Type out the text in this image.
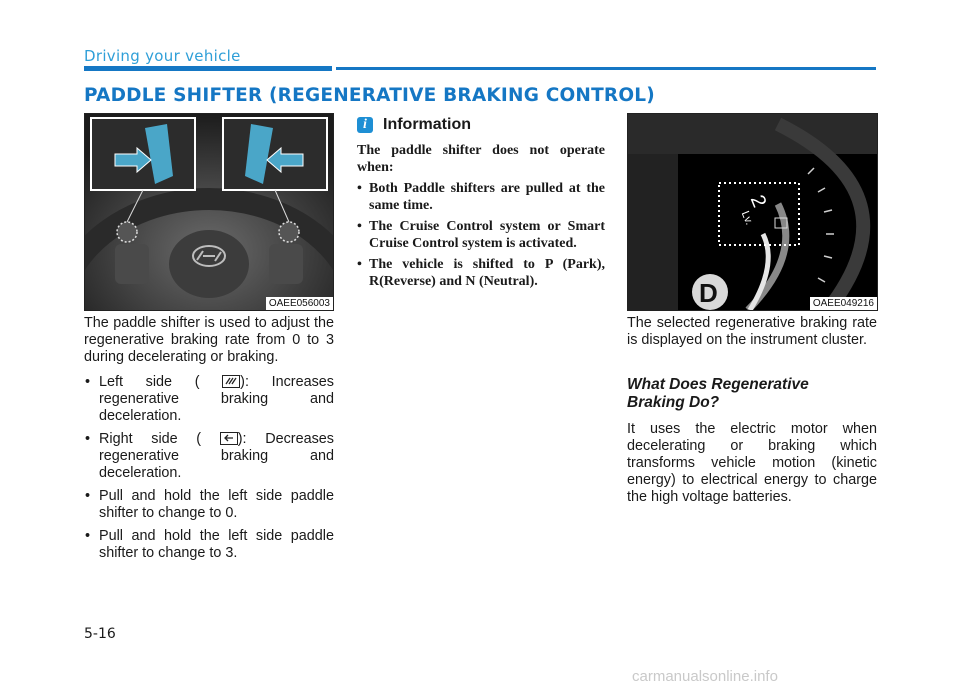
Driving your vehicle
PADDLE SHIFTER (REGENERATIVE BRAKING CONTROL)
OAEE056003

The paddle shifter is used to adjust the regenerative braking rate from 0 to 3 during decelerating or braking.

• Left side (	): Increases regenerative braking and deceleration.
• Right side (	): Decreases regenerative braking and deceleration.
• Pull and hold the left side paddle shifter to change to 0.
• Pull and hold the left side paddle shifter to change to 3.
i	Information

The paddle shifter does not operate when:

• Both Paddle shifters are pulled at the same time.
• The Cruise Control system or Smart Cruise Control system is activated.
• The vehicle is shifted to P (Park), R(Reverse) and N (Neutral).	D
Lv.
2
OAEE049216

The selected regenerative braking rate is displayed on the instrument cluster.

What Does Regenerative Braking Do?

It uses the electric motor when decelerating or braking which transforms vehicle motion (kinetic energy) to electrical energy to charge the high voltage batteries.

5-16
carmanualsonline.info
